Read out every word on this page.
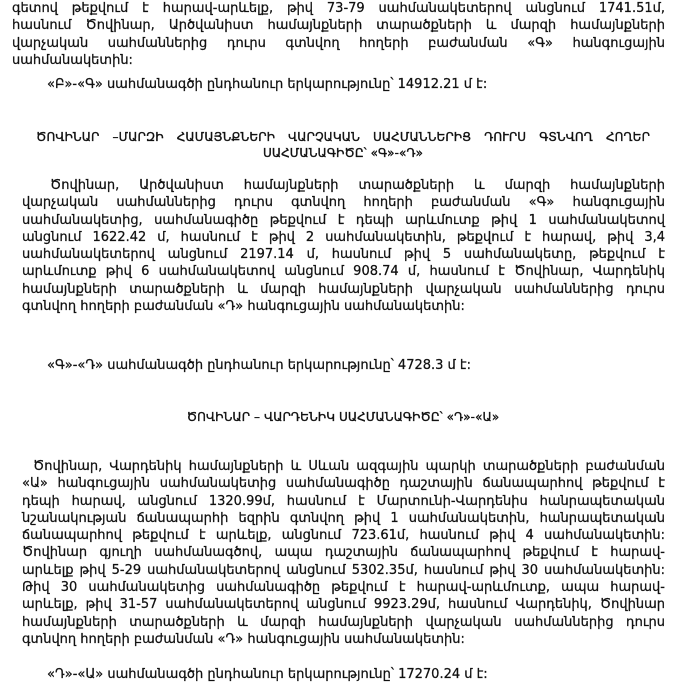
գետով թեքվում է հարավ-արևելք, թիվ 73-79 սահմանակետերով անցնում 1741.51մ,
հասնում Ծովինար, Արծվանիստ համայնքների տարածքների և մարզի համայնքների
վարչական սահմաններից դուրս գտնվող հողերի բաժանման «Գ» հանգուցային
սահմանակետին:
«Բ»-«Գ» սահմանագծի ընդհանուր երկարությունը՝ 14912.21 մ է:
ԾՈՎԻՆԱՐ –ՄԱՐԶԻ ՀԱՄԱՅՆՔՆԵՐԻ ՎԱՐՉԱԿԱՆ ՍԱՀՄԱՆՆԵՐԻՑ ԴՈՒՐՍ ԳՏՆՎՈՂ ՀՈՂԵՐ
ՍԱՀՄԱՆԱԳԻԾԸ՝ «Գ»-«Դ»
Ծովինար, Արծվանիստ համայնքների տարածքների և մարզի համայնքների
վարչական սահմաններից դուրս գտնվող հողերի բաժանման «Գ» հանգուցային
սահմանակետից, սահմանագիծը թեքվում է դեպի արևմուտք թիվ 1 սահմանակետով
անցնում 1622.42 մ, հասնում է թիվ 2 սահմանակետին, թեքվում է հարավ, թիվ 3,4
սահմանակետերով անցնում 2197.14 մ, հասնում թիվ 5 սահմանակետը, թեքվում է
արևմուտք թիվ 6 սահմանակետով անցնում 908.74 մ, հասնում է Ծովինար, Վարդենիկ
համայնքների տարածքների և մարզի համայնքների վարչական սահմաններից դուրս
գտնվող հողերի բաժանման «Դ» հանգուցային սահմանակետին:
«Գ»-«Դ» սահմանագծի ընդհանուր երկարությունը՝ 4728.3 մ է:
ԾՈՎԻՆԱՐ – ՎԱՐԴԵՆԻԿ ՍԱՀՄԱՆԱԳԻԾԸ՝ «Դ»-«Ա»
Ծովինար, Վարդենիկ համայնքների և Սևան ազգային պարկի տարածքների բաժանման
«Ա» հանգուցային սահմանակետից սահմանագիծը դաշտային ճանապարհով թեքվում է
դեպի հարավ, անցնում 1320.99մ, հասնում է Մարտունի-Վարդենիս հանրապետական
նշանակության ճանապարհի եզրին գտնվող թիվ 1 սահմանակետին, հանրապետական
ճանապարհով թեքվում է արևելք, անցնում 723.61մ, հասնում թիվ 4 սահմանակետին:
Ծովինար գյուղի սահմանագծով, ապա դաշտային ճանապարհով թեքվում է հարավ-
արևելք թիվ 5-29 սահմանակետերով անցնում 5302.35մ, հասնում թիվ 30 սահմանակետին:
Թիվ 30 սահմանակետից սահմանագիծը թեքվում է հարավ-արևմուտք, ապա հարավ-
արևելք, թիվ 31-57 սահմանակետերով անցնում 9923.29մ, հասնում Վարդենիկ, Ծովինար
համայնքների տարածքների և մարզի համայնքների վարչական սահմաններից դուրս
գտնվող հողերի բաժանման «Դ» հանգուցային սահմանակետին:
«Դ»-«Ա» սահմանագծի ընդհանուր երկարությունը՝ 17270.24 մ է:
